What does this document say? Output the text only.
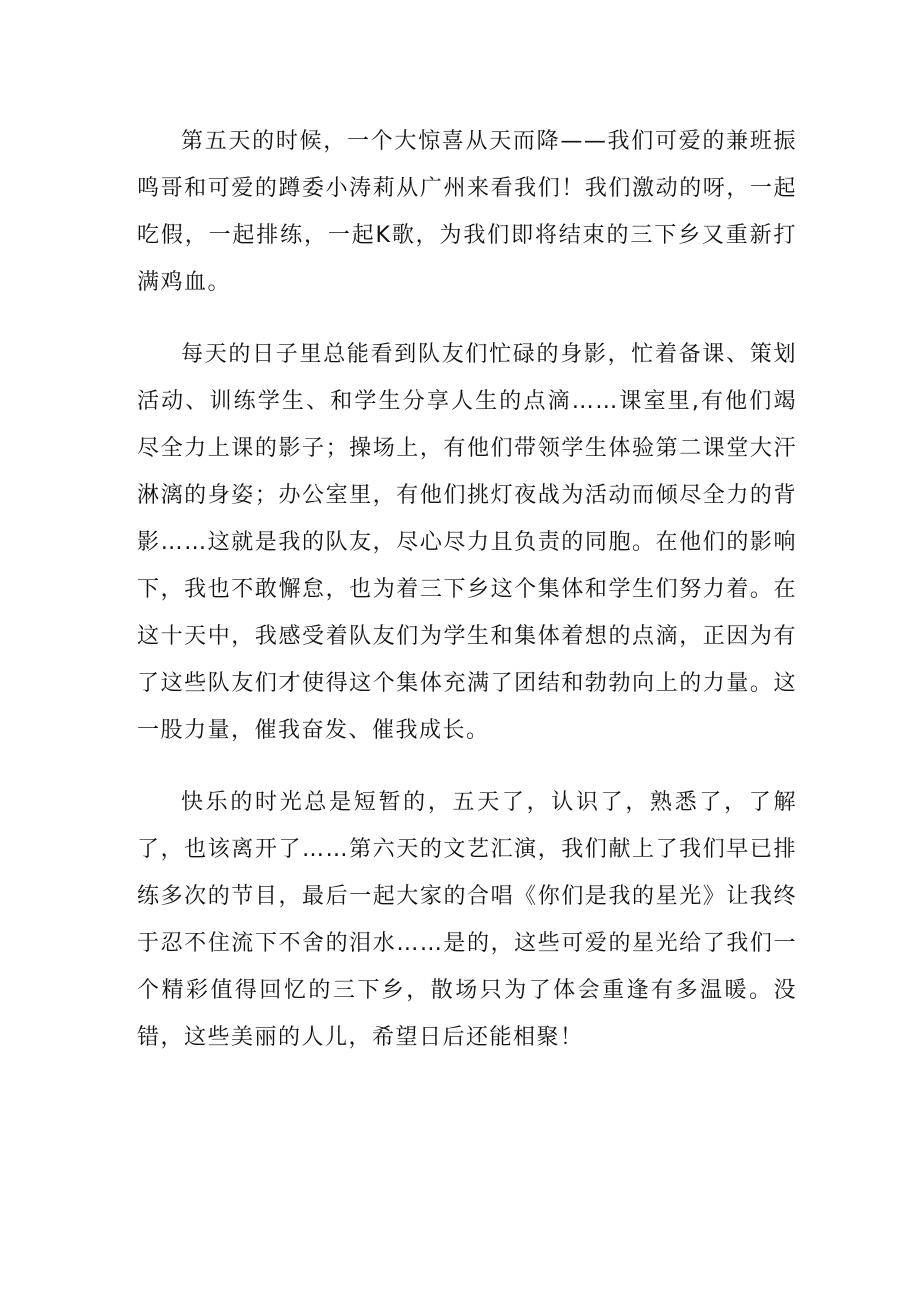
第五天的时候，一个大惊喜从天而降——我们可爱的兼班振鸣哥和可爱的蹲委小涛莉从广州来看我们！我们激动的呀，一起吃假，一起排练，一起K歌，为我们即将结束的三下乡又重新打满鸡血。

每天的日子里总能看到队友们忙碌的身影，忙着备课、策划活动、训练学生、和学生分享人生的点滴……课室里,有他们竭尽全力上课的影子；操场上，有他们带领学生体验第二课堂大汗淋漓的身姿；办公室里，有他们挑灯夜战为活动而倾尽全力的背影……这就是我的队友，尽心尽力且负责的同胞。在他们的影响下，我也不敢懈怠，也为着三下乡这个集体和学生们努力着。在这十天中，我感受着队友们为学生和集体着想的点滴，正因为有了这些队友们才使得这个集体充满了团结和勃勃向上的力量。这一股力量，催我奋发、催我成长。

快乐的时光总是短暂的，五天了，认识了，熟悉了，了解了，也该离开了……第六天的文艺汇演，我们献上了我们早已排练多次的节目，最后一起大家的合唱《你们是我的星光》让我终于忍不住流下不舍的泪水……是的，这些可爱的星光给了我们一个精彩值得回忆的三下乡，散场只为了体会重逢有多温暖。没错，这些美丽的人儿，希望日后还能相聚！
